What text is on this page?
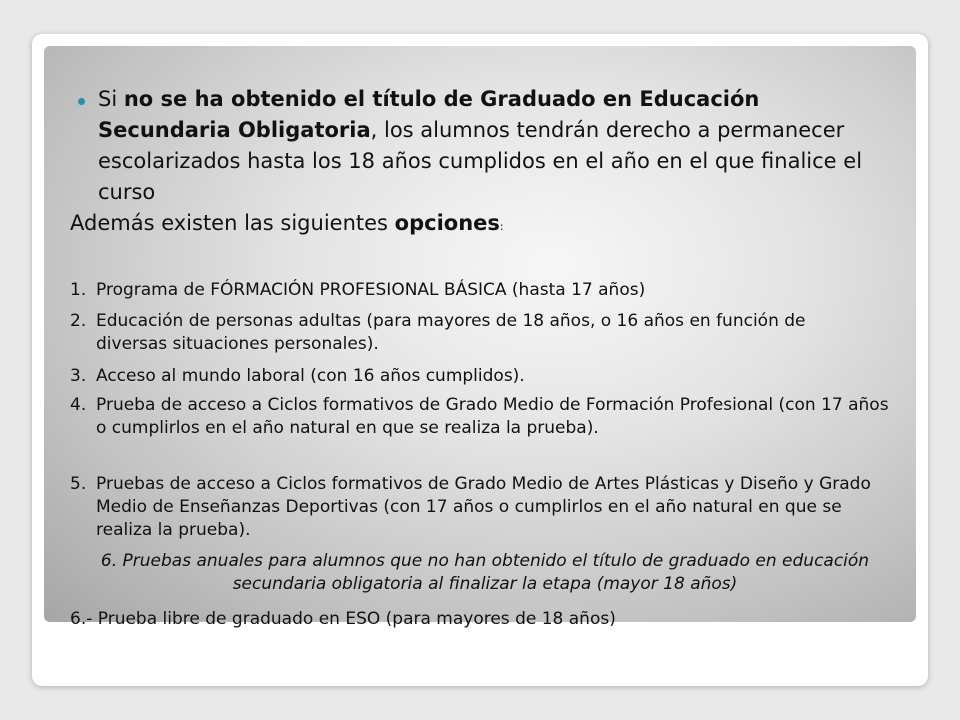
Si no se ha obtenido el título de Graduado en Educación Secundaria Obligatoria, los alumnos tendrán derecho a permanecer escolarizados hasta los 18 años cumplidos en el año en el que finalice el curso
Además existen las siguientes opciones:
1. Programa de FÓRMACIÓN PROFESIONAL BÁSICA (hasta 17 años)
2. Educación de personas adultas (para mayores de 18 años, o 16 años en función de diversas situaciones personales).
3. Acceso al mundo laboral (con 16 años cumplidos).
4. Prueba de acceso a Ciclos formativos de Grado Medio de Formación Profesional (con 17 años o cumplirlos en el año natural en que se realiza la prueba).
5. Pruebas de acceso a Ciclos formativos de Grado Medio de Artes Plásticas y Diseño y Grado Medio de Enseñanzas Deportivas (con 17 años o cumplirlos en el año natural en que se realiza la prueba).
6. Pruebas anuales para alumnos que no han obtenido el título de graduado en educación secundaria obligatoria al finalizar la etapa (mayor 18 años)
6.- Prueba libre de graduado en ESO (para mayores de 18 años)
